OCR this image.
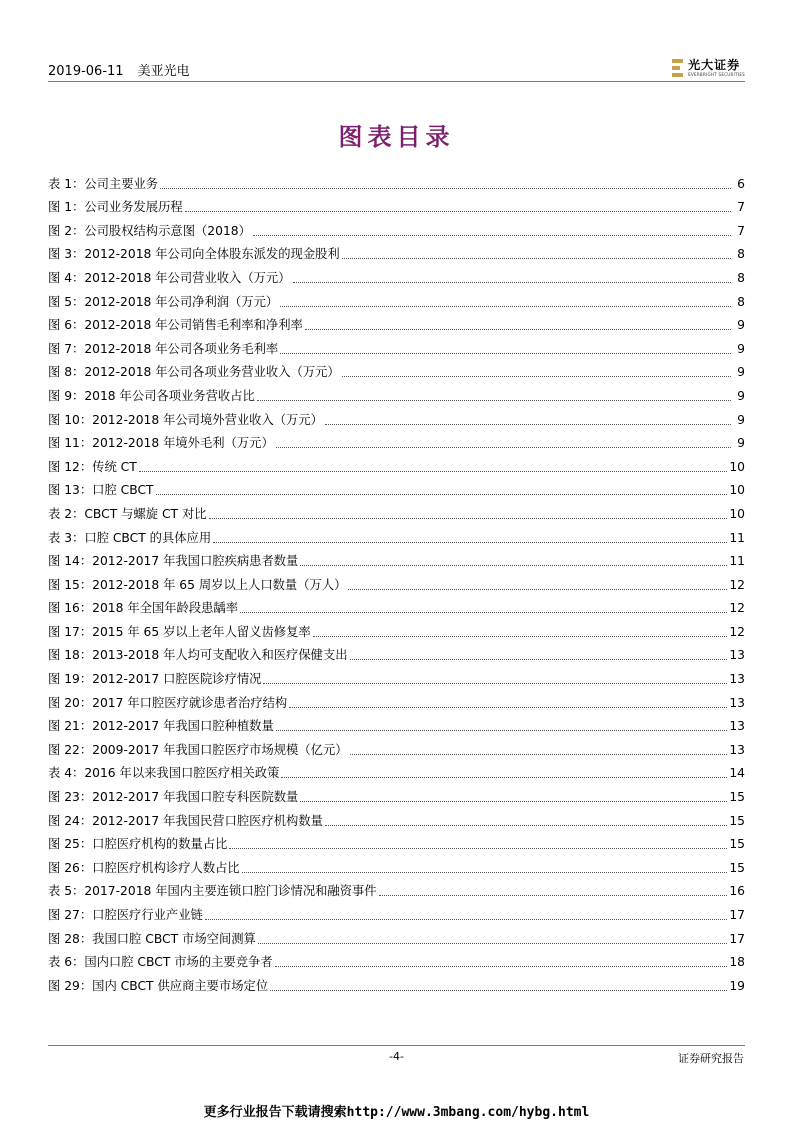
2019-06-11 美亚光电	光大证券
EVERBRIGHT SECURITIES
图表目录
表 1：公司主要业务	6
图 1：公司业务发展历程	7
图 2：公司股权结构示意图（2018）	7
图 3：2012-2018 年公司向全体股东派发的现金股利	8
图 4：2012-2018 年公司营业收入（万元）	8
图 5：2012-2018 年公司净利润（万元）	8
图 6：2012-2018 年公司销售毛利率和净利率	9
图 7：2012-2018 年公司各项业务毛利率	9
图 8：2012-2018 年公司各项业务营业收入（万元）	9
图 9：2018 年公司各项业务营收占比	9
图 10：2012-2018 年公司境外营业收入（万元）	9
图 11：2012-2018 年境外毛利（万元）	9
图 12：传统 CT	10
图 13：口腔 CBCT	10
表 2：CBCT 与螺旋 CT 对比	10
表 3：口腔 CBCT 的具体应用	11
图 14：2012-2017 年我国口腔疾病患者数量	11
图 15：2012-2018 年 65 周岁以上人口数量（万人）	12
图 16：2018 年全国年龄段患龋率	12
图 17：2015 年 65 岁以上老年人留义齿修复率	12
图 18：2013-2018 年人均可支配收入和医疗保健支出	13
图 19：2012-2017 口腔医院诊疗情况	13
图 20：2017 年口腔医疗就诊患者治疗结构	13
图 21：2012-2017 年我国口腔种植数量	13
图 22：2009-2017 年我国口腔医疗市场规模（亿元）	13
表 4：2016 年以来我国口腔医疗相关政策	14
图 23：2012-2017 年我国口腔专科医院数量	15
图 24：2012-2017 年我国民营口腔医疗机构数量	15
图 25：口腔医疗机构的数量占比	15
图 26：口腔医疗机构诊疗人数占比	15
表 5：2017-2018 年国内主要连锁口腔门诊情况和融资事件	16
图 27：口腔医疗行业产业链	17
图 28：我国口腔 CBCT 市场空间测算	17
表 6：国内口腔 CBCT 市场的主要竞争者	18
图 29：国内 CBCT 供应商主要市场定位	19
-4-	证券研究报告
更多行业报告下载请搜索http://www.3mbang.com/hybg.html
